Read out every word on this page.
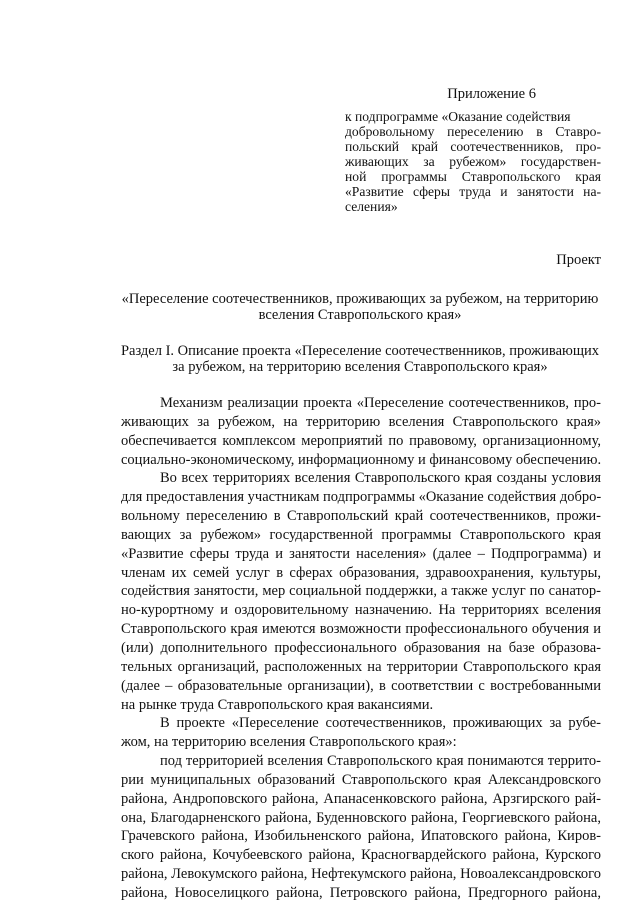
Приложение 6
к подпрограмме «Оказание содействия
добровольному переселению в Ставро-
польский край соотечественников, про-
живающих за рубежом» государствен-
ной программы Ставропольского края
«Развитие сферы труда и занятости на-
селения»
Проект
«Переселение соотечественников, проживающих за рубежом, на территорию
вселения Ставропольского края»
Раздел I. Описание проекта «Переселение соотечественников, проживающих
за рубежом, на территорию вселения Ставропольского края»
Механизм реализации проекта «Переселение соотечественников, про-
живающих за рубежом, на территорию вселения Ставропольского края»
обеспечивается комплексом мероприятий по правовому, организационному,
социально-экономическому, информационному и финансовому обеспечению.
Во всех территориях вселения Ставропольского края созданы условия
для предоставления участникам подпрограммы «Оказание содействия добро-
вольному переселению в Ставропольский край соотечественников, прожи-
вающих за рубежом» государственной программы Ставропольского края
«Развитие сферы труда и занятости населения» (далее – Подпрограмма) и
членам их семей услуг в сферах образования, здравоохранения, культуры,
содействия занятости, мер социальной поддержки, а также услуг по санатор-
но-курортному и оздоровительному назначению. На территориях вселения
Ставропольского края имеются возможности профессионального обучения и
(или) дополнительного профессионального образования на базе образова-
тельных организаций, расположенных на территории Ставропольского края
(далее – образовательные организации), в соответствии с востребованными
на рынке труда Ставропольского края вакансиями.
В проекте «Переселение соотечественников, проживающих за рубе-
жом, на территорию вселения Ставропольского края»:
под территорией вселения Ставропольского края понимаются террито-
рии муниципальных образований Ставропольского края Александровского
района, Андроповского района, Апанасенковского района, Арзгирского рай-
она, Благодарненского района, Буденновского района, Георгиевского района,
Грачевского района, Изобильненского района, Ипатовского района, Киров-
ского района, Кочубеевского района, Красногвардейского района, Курского
района, Левокумского района, Нефтекумского района, Новоалександровского
района, Новоселицкого района, Петровского района, Предгорного района,
